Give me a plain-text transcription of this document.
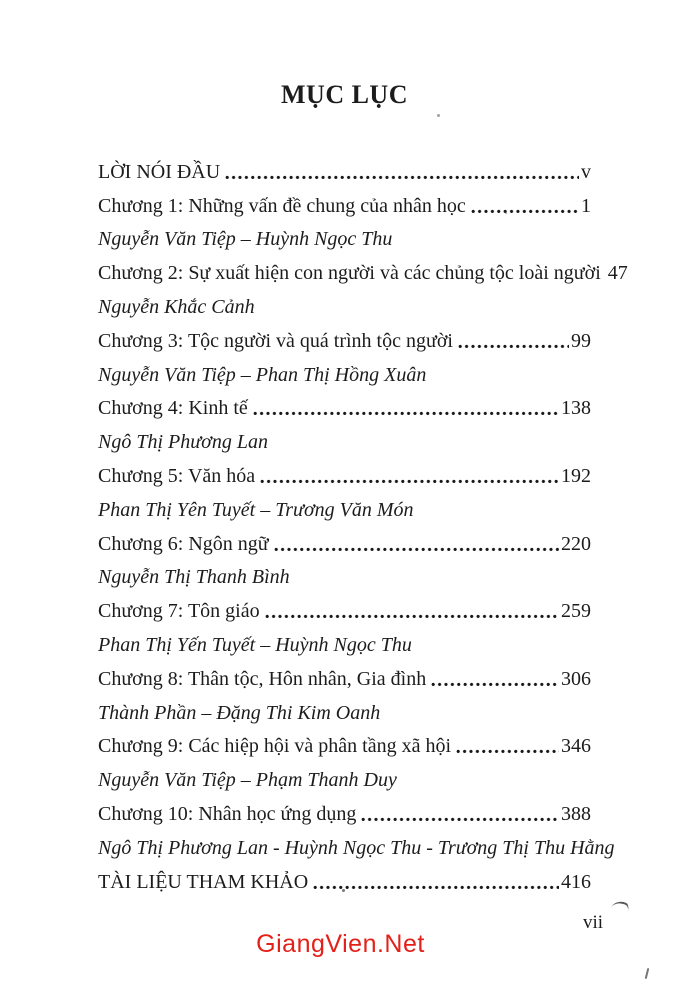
MỤC LỤC
LỜI NÓI ĐẦU	v
Chương 1: Những vấn đề chung của nhân học	1
Nguyễn Văn Tiệp – Huỳnh Ngọc Thu
Chương 2: Sự xuất hiện con người và các chủng tộc loài người 47
Nguyễn Khắc Cảnh
Chương 3: Tộc người và quá trình tộc người	99
Nguyễn Văn Tiệp – Phan Thị Hồng Xuân
Chương 4: Kinh tế	138
Ngô Thị Phương Lan
Chương 5: Văn hóa	192
Phan Thị Yên Tuyết – Trương Văn Món
Chương 6: Ngôn ngữ	220
Nguyễn Thị Thanh Bình
Chương 7: Tôn giáo	259
Phan Thị Yến Tuyết – Huỳnh Ngọc Thu
Chương 8: Thân tộc, Hôn nhân, Gia đình	306
Thành Phần – Đặng Thi Kim Oanh
Chương 9: Các hiệp hội và phân tầng xã hội	346
Nguyễn Văn Tiệp – Phạm Thanh Duy
Chương 10: Nhân học ứng dụng	388
Ngô Thị Phương Lan - Huỳnh Ngọc Thu - Trương Thị Thu Hằng
TÀI LIỆU THAM KHẢO	416
vii
GiangVien.Net
